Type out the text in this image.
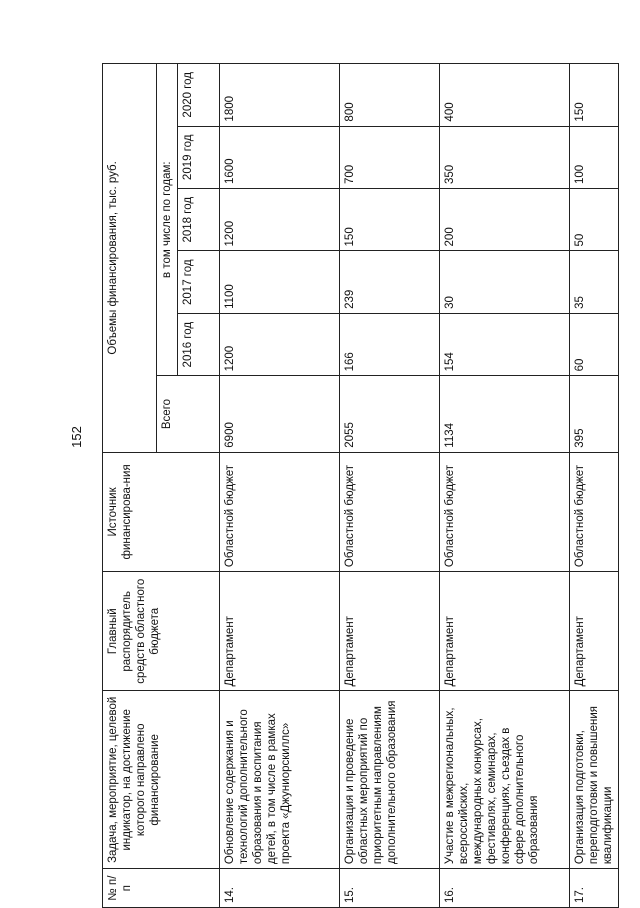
152
№ п/п	Задача, мероприятие, целевой индикатор, на достижение которого направлено финансирование	Главный распорядитель средств областного бюджета	Источник финансирова-ния	Объемы финансирования, тыс. руб.					
				Всего	в том числе по годам:				
					2016 год	2017 год	2018 год	2019 год	2020 год
14.	Обновление содержания и технологий дополнительного образования и воспитания детей, в том числе в рамках проекта «Джуниорскиллс»	Департамент	Областной бюджет	6900	1200	1100	1200	1600	1800
15.	Организация и проведение областных мероприятий по приоритетным направлениям дополнительного образования	Департамент	Областной бюджет	2055	166	239	150	700	800
16.	Участие в межрегиональных, всероссийских, международных конкурсах, фестивалях, семинарах, конференциях, съездах в сфере дополнительного образования	Департамент	Областной бюджет	1134	154	30	200	350	400
17.	Организация подготовки, переподготовки и повышения квалификации	Департамент	Областной бюджет	395	60	35	50	100	150
